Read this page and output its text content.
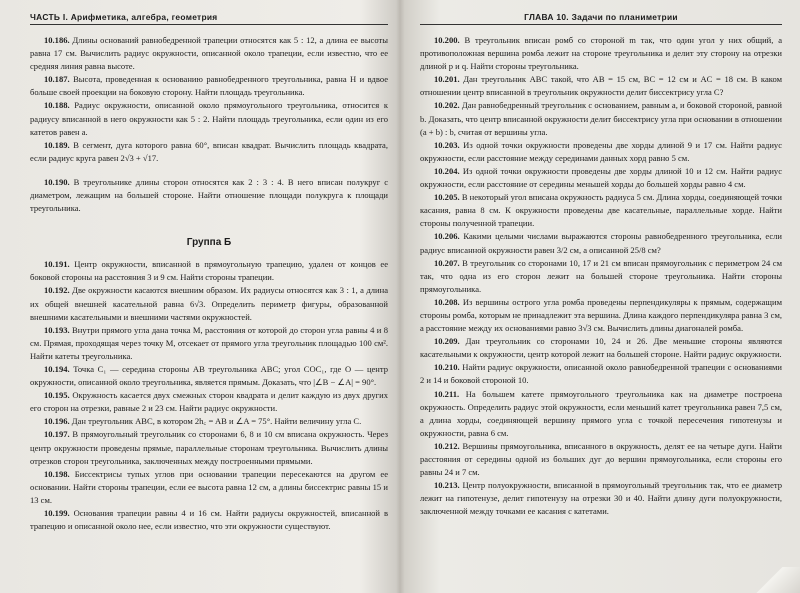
ЧАСТЬ I. Арифметика, алгебра, геометрия

10.186. Длины оснований равнобедренной трапеции относятся как 5 : 12, а длина ее высоты равна 17 см. Вычислить радиус окружности, описанной около трапеции, если известно, что ее средняя линия равна высоте.

10.187. Высота, проведенная к основанию равнобедренного треугольника, равна H и вдвое больше своей проекции на боковую сторону. Найти площадь треугольника.

10.188. Радиус окружности, описанной около прямоугольного треугольника, относится к радиусу вписанной в него окружности как 5 : 2. Найти площадь треугольника, если один из его катетов равен a.

10.189. В сегмент, дуга которого равна 60°, вписан квадрат. Вычислить площадь квадрата, если радиус круга равен 2√3 + √17.

10.190. В треугольнике длины сторон относятся как 2 : 3 : 4. В него вписан полукруг с диаметром, лежащим на большей стороне. Найти отношение площади полукруга к площади треугольника.

Группа Б

10.191. Центр окружности, вписанной в прямоугольную трапецию, удален от концов ее боковой стороны на расстояния 3 и 9 см. Найти стороны трапеции.

10.192. Две окружности касаются внешним образом. Их радиусы относятся как 3 : 1, а длина их общей внешней касательной равна 6√3. Определить периметр фигуры, образованной внешними касательными и внешними частями окружностей.

10.193. Внутри прямого угла дана точка M, расстояния от которой до сторон угла равны 4 и 8 см. Прямая, проходящая через точку M, отсекает от прямого угла треугольник площадью 100 см². Найти катеты треугольника.

10.194. Точка C₁ — середина стороны AB треугольника ABC; угол COC₁, где O — центр окружности, описанной около треугольника, является прямым. Доказать, что |∠B − ∠A| = 90°.

10.195. Окружность касается двух смежных сторон квадрата и делит каждую из двух других его сторон на отрезки, равные 2 и 23 см. Найти радиус окружности.

10.196. Дан треугольник ABC, в котором 2h꜀ = AB и ∠A = 75°. Найти величину угла C.

10.197. В прямоугольный треугольник со сторонами 6, 8 и 10 см вписана окружность. Через центр окружности проведены прямые, параллельные сторонам треугольника. Вычислить длины отрезков сторон треугольника, заключенных между построенными прямыми.

10.198. Биссектрисы тупых углов при основании трапеции пересекаются на другом ее основании. Найти стороны трапеции, если ее высота равна 12 см, а длины биссектрис равны 15 и 13 см.

10.199. Основания трапеции равны 4 и 16 см. Найти радиусы окружностей, вписанной в трапецию и описанной около нее, если известно, что эти окружности существуют.

ГЛАВА 10. Задачи по планиметрии

10.200. В треугольник вписан ромб со стороной m так, что один угол у них общий, а противоположная вершина ромба лежит на стороне треугольника и делит эту сторону на отрезки длиной p и q. Найти стороны треугольника.

10.201. Дан треугольник ABC такой, что AB = 15 см, BC = 12 см и AC = 18 см. В каком отношении центр вписанной в треугольник окружности делит биссектрису угла C?

10.202. Дан равнобедренный треугольник с основанием, равным a, и боковой стороной, равной b. Доказать, что центр вписанной окружности делит биссектрису угла при основании в отношении (a + b) : b, считая от вершины угла.

10.203. Из одной точки окружности проведены две хорды длиной 9 и 17 см. Найти радиус окружности, если расстояние между серединами данных хорд равно 5 см.

10.204. Из одной точки окружности проведены две хорды длиной 10 и 12 см. Найти радиус окружности, если расстояние от середины меньшей хорды до большей хорды равно 4 см.

10.205. В некоторый угол вписана окружность радиуса 5 см. Длина хорды, соединяющей точки касания, равна 8 см. К окружности проведены две касательные, параллельные хорде. Найти стороны полученной трапеции.

10.206. Какими целыми числами выражаются стороны равнобедренного треугольника, если радиус вписанной окружности равен 3/2 см, а описанной 25/8 см?

10.207. В треугольник со сторонами 10, 17 и 21 см вписан прямоугольник с периметром 24 см так, что одна из его сторон лежит на большей стороне треугольника. Найти стороны прямоугольника.

10.208. Из вершины острого угла ромба проведены перпендикуляры к прямым, содержащим стороны ромба, которым не принадлежит эта вершина. Длина каждого перпендикуляра равна 3 см, а расстояние между их основаниями равно 3√3 см. Вычислить длины диагоналей ромба.

10.209. Дан треугольник со сторонами 10, 24 и 26. Две меньшие стороны являются касательными к окружности, центр которой лежит на большей стороне. Найти радиус окружности.

10.210. Найти радиус окружности, описанной около равнобедренной трапеции с основаниями 2 и 14 и боковой стороной 10.

10.211. На большем катете прямоугольного треугольника как на диаметре построена окружность. Определить радиус этой окружности, если меньший катет треугольника равен 7,5 см, а длина хорды, соединяющей вершину прямого угла с точкой пересечения гипотенузы и окружности, равна 6 см.

10.212. Вершины прямоугольника, вписанного в окружность, делят ее на четыре дуги. Найти расстояния от середины одной из больших дуг до вершин прямоугольника, если стороны его равны 24 и 7 см.

10.213. Центр полуокружности, вписанной в прямоугольный треугольник так, что ее диаметр лежит на гипотенузе, делит гипотенузу на отрезки 30 и 40. Найти длину дуги полуокружности, заключенной между точками ее касания с катетами.
